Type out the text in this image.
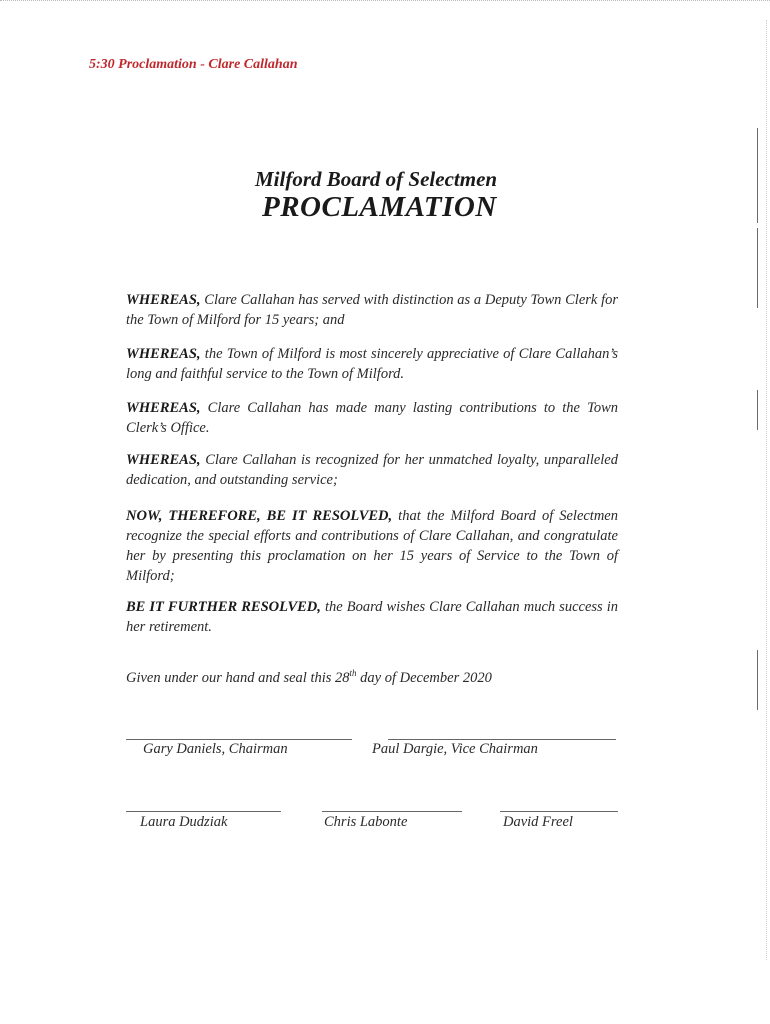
5:30 Proclamation - Clare Callahan
Milford Board of Selectmen
PROCLAMATION
WHEREAS, Clare Callahan has served with distinction as a Deputy Town Clerk for the Town of Milford for 15 years; and
WHEREAS, the Town of Milford is most sincerely appreciative of Clare Callahan’s long and faithful service to the Town of Milford.
WHEREAS, Clare Callahan has made many lasting contributions to the Town Clerk’s Office.
WHEREAS, Clare Callahan is recognized for her unmatched loyalty, unparalleled dedication, and outstanding service;
NOW, THEREFORE, BE IT RESOLVED, that the Milford Board of Selectmen recognize the special efforts and contributions of Clare Callahan, and congratulate her by presenting this proclamation on her 15 years of Service to the Town of Milford;
BE IT FURTHER RESOLVED, the Board wishes Clare Callahan much success in her retirement.
Given under our hand and seal this 28th day of December 2020
Gary Daniels, Chairman	Paul Dargie, Vice Chairman
Laura Dudziak	Chris Labonte	David Freel
